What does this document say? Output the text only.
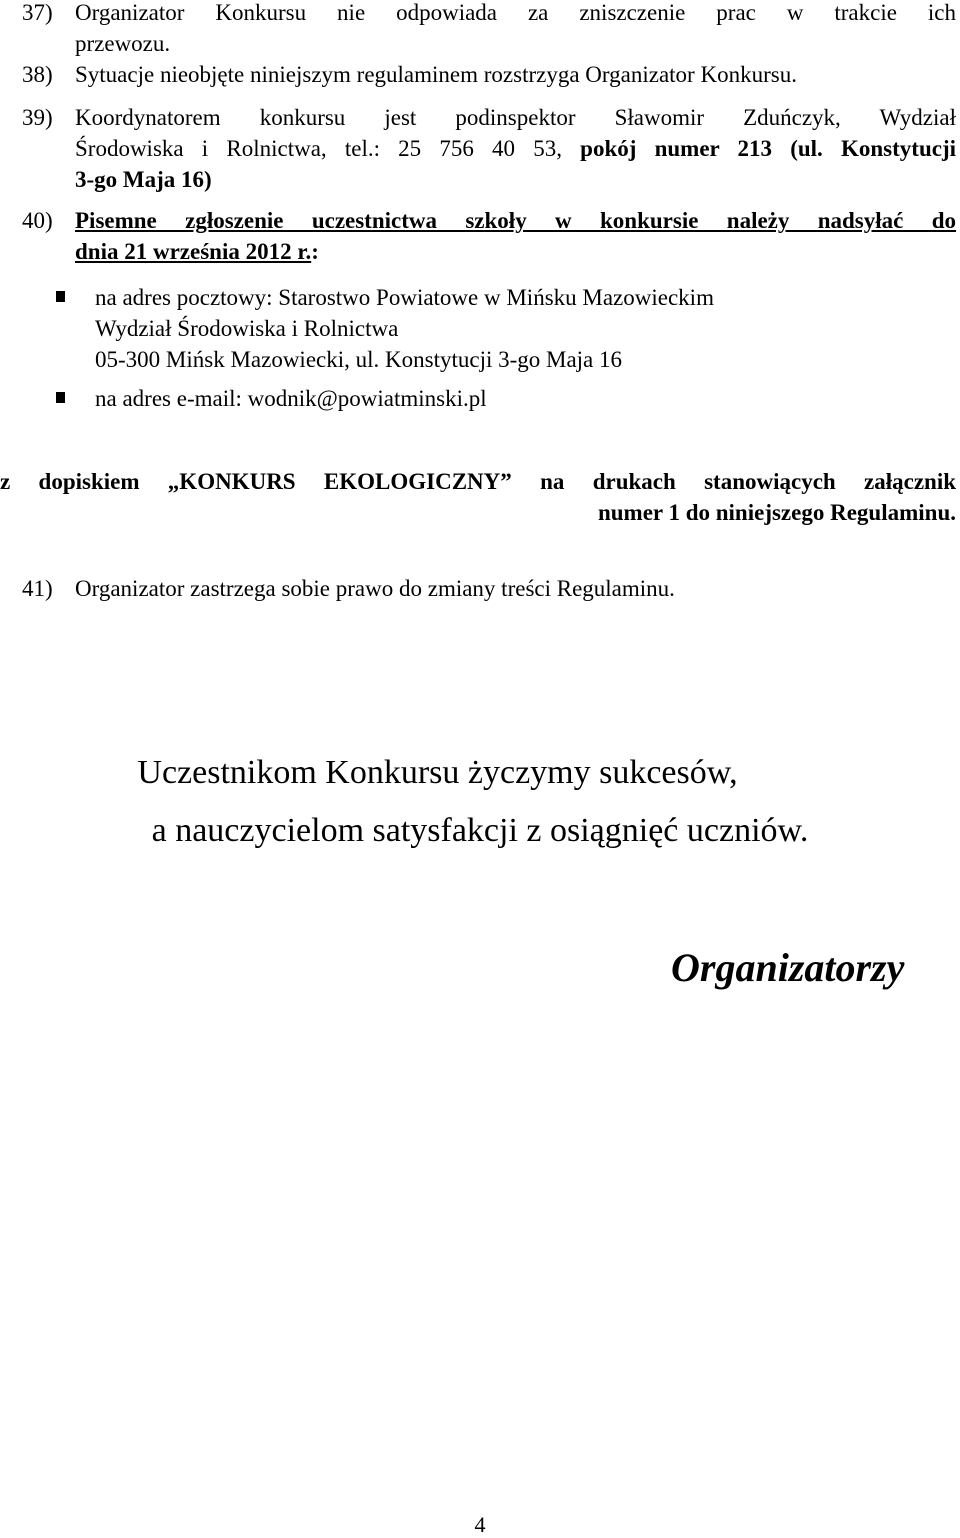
37) Organizator Konkursu nie odpowiada za zniszczenie prac w trakcie ich
przewozu.
38) Sytuacje nieobjęte niniejszym regulaminem rozstrzyga Organizator Konkursu.
39) Koordynatorem konkursu jest podinspektor Sławomir Zduńczyk, Wydział
Środowiska i Rolnictwa, tel.: 25 756 40 53, pokój numer 213 (ul. Konstytucji
3-go Maja 16)
40) Pisemne zgłoszenie uczestnictwa szkoły w konkursie należy nadsyłać do
dnia 21 września 2012 r.:
na adres pocztowy: Starostwo Powiatowe w Mińsku Mazowieckim
Wydział Środowiska i Rolnictwa
05-300 Mińsk Mazowiecki, ul. Konstytucji 3-go Maja 16
na adres e-mail: wodnik@powiatminski.pl
z dopiskiem „KONKURS EKOLOGICZNY” na drukach stanowiących załącznik
numer 1 do niniejszego Regulaminu.
41) Organizator zastrzega sobie prawo do zmiany treści Regulaminu.
Uczestnikom Konkursu życzymy sukcesów,
a nauczycielom satysfakcji z osiągnięć uczniów.
Organizatorzy
4
